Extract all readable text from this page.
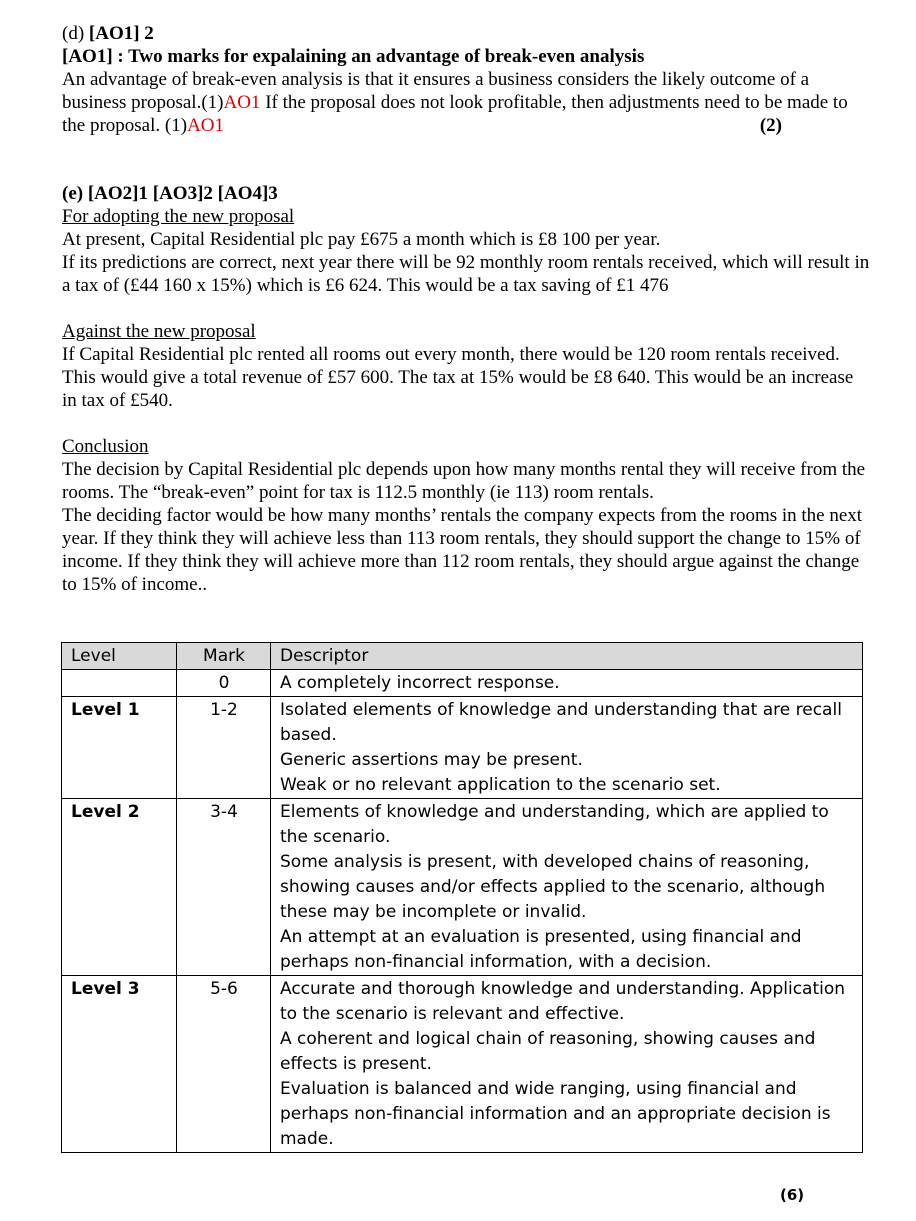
(d) [AO1] 2
[AO1] : Two marks for expalaining an advantage of break-even analysis
An advantage of break-even analysis is that it ensures a business considers the likely outcome of a business proposal.(1)AO1 If the proposal does not look profitable, then adjustments need to be made to the proposal. (1)AO1	(2)
(e) [AO2]1 [AO3]2 [AO4]3
For adopting the new proposal
At present, Capital Residential plc pay £675 a month which is £8 100 per year.
If its predictions are correct, next year there will be 92 monthly room rentals received, which will result in a tax of (£44 160 x 15%) which is £6 624. This would be a tax saving of £1 476
Against the new proposal
If Capital Residential plc rented all rooms out every month, there would be 120 room rentals received. This would give a total revenue of £57 600. The tax at 15% would be £8 640. This would be an increase in tax of £540.
Conclusion
The decision by Capital Residential plc depends upon how many months rental they will receive from the rooms. The “break-even” point for tax is 112.5 monthly (ie 113) room rentals.
The deciding factor would be how many months’ rentals the company expects from the rooms in the next year. If they think they will achieve less than 113 room rentals, they should support the change to 15% of income. If they think they will achieve more than 112 room rentals, they should argue against the change to 15% of income..
Level	Mark	Descriptor
	0	A completely incorrect response.

Level 1	1-2	Isolated elements of knowledge and understanding that are recall based.
Generic assertions may be present.
Weak or no relevant application to the scenario set.

Level 2	3-4	Elements of knowledge and understanding, which are applied to the scenario.
Some analysis is present, with developed chains of reasoning, showing causes and/or effects applied to the scenario, although these may be incomplete or invalid.
An attempt at an evaluation is presented, using financial and perhaps non-financial information, with a decision.

Level 3	5-6	Accurate and thorough knowledge and understanding. Application to the scenario is relevant and effective.
A coherent and logical chain of reasoning, showing causes and effects is present.
Evaluation is balanced and wide ranging, using financial and perhaps non-financial information and an appropriate decision is made.
(6)
